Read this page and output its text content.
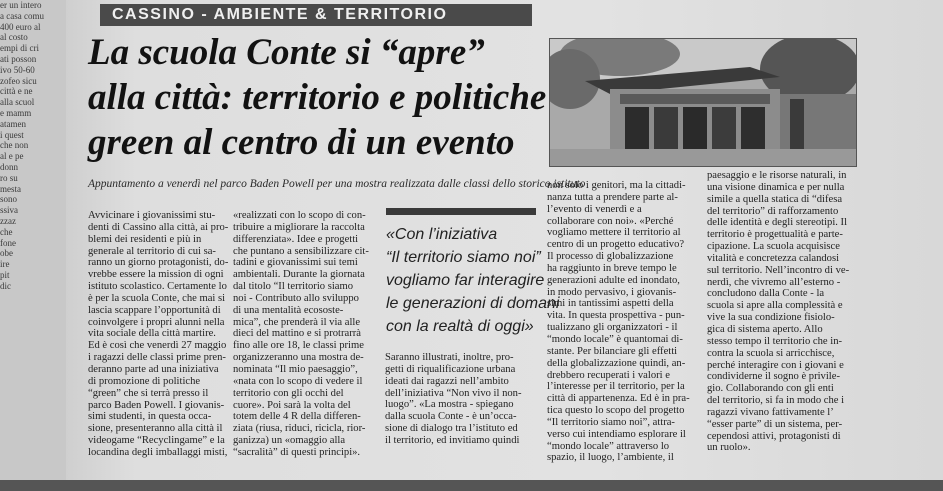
er un intero
a casa comu
400 euro al
al costo
empi di cri
ati posson
ivo 50-60
zofeo sicu
città e ne
alla scuol
e mamm
atamen
i quest
che non
al e pe
donn
ro su
mesta
sono
ssiva
zzaz
che
fone
obe
ire
pit
dic
CASSINO - AMBIENTE & TERRITORIO
La scuola Conte si “apre”
alla città: territorio e politiche
green al centro di un evento
Appuntamento a venerdì nel parco Baden Powell per una mostra realizzata dalle classi dello storico istituto
Avvicinare i giovanissimi stu-
denti di Cassino alla città, ai pro-
blemi dei residenti e più in
generale al territorio di cui sa-
ranno un giorno protagonisti, do-
vrebbe essere la mission di ogni
istituto scolastico. Certamente lo
è per la scuola Conte, che mai si
lascia scappare l’opportunità di
coinvolgere i propri alunni nella
vita sociale della città martire.
Ed è così che venerdì 27 maggio
i ragazzi delle classi prime pren-
deranno parte ad una iniziativa
di promozione di politiche
“green” che si terrà presso il
parco Baden Powell. I giovanis-
simi studenti, in questa occa-
sione, presenteranno alla città il
videogame “Recyclingame” e la
locandina degli imballaggi misti,
«realizzati con lo scopo di con-
tribuire a migliorare la raccolta
differenziata». Idee e progetti
che puntano a sensibilizzare cit-
tadini e giovanissimi sui temi
ambientali. Durante la giornata
dal titolo “Il territorio siamo
noi - Contributo allo sviluppo
di una mentalità ecososte-
mica”, che prenderà il via alle
dieci del mattino e si protrarrà
fino alle ore 18, le classi prime
organizzeranno una mostra de-
nominata “Il mio paesaggio”,
«nata con lo scopo di vedere il
territorio con gli occhi del
cuore». Poi sarà la volta del
totem delle 4 R della differen-
ziata (riusa, riduci, ricicla, rior-
ganizza) un «omaggio alla
“sacralità” di questi principi».
«Con l’iniziativa
“Il territorio siamo noi”
vogliamo far interagire
le generazioni di domani
con la realtà di oggi»
Saranno illustrati, inoltre, pro-
getti di riqualificazione urbana
ideati dai ragazzi nell’ambito
dell’iniziativa “Non vivo il non-
luogo”. «La mostra - spiegano
dalla scuola Conte - è un’occa-
sione di dialogo tra l’istituto ed
il territorio, ed invitiamo quindi
non solo i genitori, ma la cittadi-
nanza tutta a prendere parte al-
l’evento di venerdì e a
collaborare con noi». «Perché
vogliamo mettere il territorio al
centro di un progetto educativo?
Il processo di globalizzazione
ha raggiunto in breve tempo le
generazioni adulte ed inondato,
in modo pervasivo, i giovanis-
simi in tantissimi aspetti della
vita. In questa prospettiva - pun-
tualizzano gli organizzatori - il
“mondo locale” è quantomai di-
stante. Per bilanciare gli effetti
della globalizzazione quindi, an-
drebbero recuperati i valori e
l’interesse per il territorio, per la
città di appartenenza. Ed è in pra-
tica questo lo scopo del progetto
“Il territorio siamo noi”, attra-
verso cui intendiamo esplorare il
“mondo locale” attraverso lo
spazio, il luogo, l’ambiente, il
paesaggio e le risorse naturali, in
una visione dinamica e per nulla
simile a quella statica di “difesa
del territorio” di rafforzamento
delle identità e degli stereotipi. Il
territorio è progettualità e parte-
cipazione. La scuola acquisisce
vitalità e concretezza calandosi
sul territorio. Nell’incontro di ve-
nerdì, che vivremo all’esterno -
concludono dalla Conte - la
scuola si apre alla complessità e
vive la sua condizione fisiolo-
gica di sistema aperto. Allo
stesso tempo il territorio che in-
contra la scuola si arricchisce,
perché interagire con i giovani e
condividerne il sogno è privile-
gio. Collaborando con gli enti
del territorio, si fa in modo che i
ragazzi vivano fattivamente l’
“esser parte” di un sistema, per-
cependosi attivi, protagonisti di
un ruolo».
